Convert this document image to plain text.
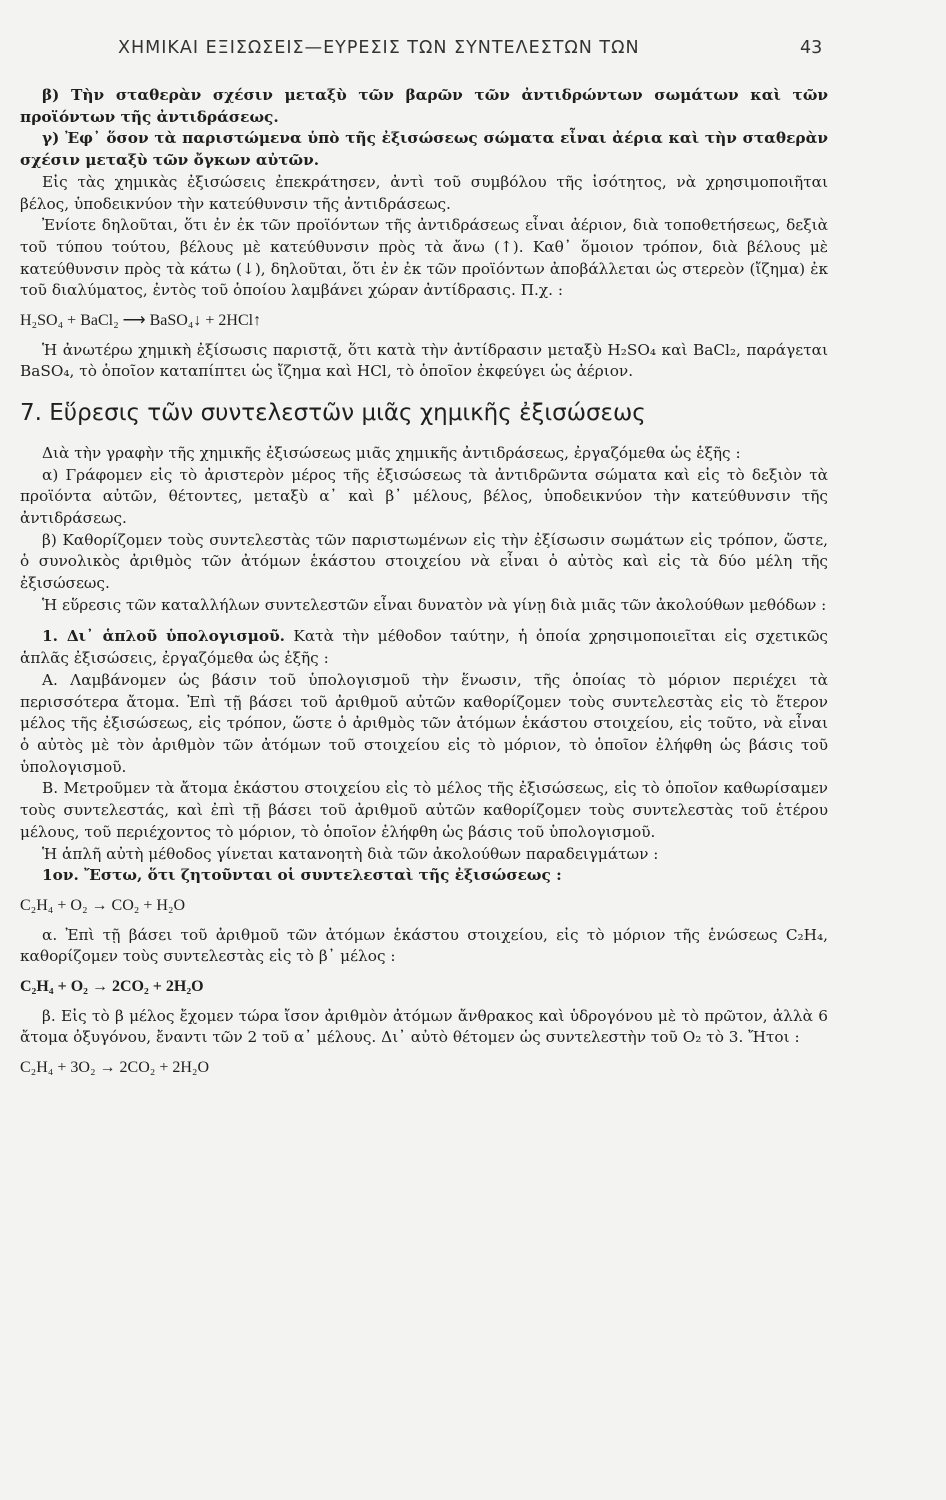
ΧΗΜΙΚΑΙ ΕΞΙΣΩΣΕΙΣ—ΕΥΡΕΣΙΣ ΤΩΝ ΣΥΝΤΕΛΕΣΤΩΝ ΤΩΝ	43

β) Τὴν σταθερὰν σχέσιν μεταξὺ τῶν βαρῶν τῶν ἀντιδρώντων σωμάτων καὶ τῶν προϊόντων τῆς ἀντιδράσεως.

γ) Ἐφ᾿ ὅσον τὰ παριστώμενα ὑπὸ τῆς ἐξισώσεως σώματα εἶναι ἀέρια καὶ τὴν σταθερὰν σχέσιν μεταξὺ τῶν ὄγκων αὐτῶν.

Εἰς τὰς χημικὰς ἐξισώσεις ἐπεκράτησεν, ἀντὶ τοῦ συμβόλου τῆς ἰσότητος, νὰ χρησιμοποιῆται βέλος, ὑποδεικνύον τὴν κατεύθυνσιν τῆς ἀντιδράσεως.

Ἐνίοτε δηλοῦται, ὅτι ἐν ἐκ τῶν προϊόντων τῆς ἀντιδράσεως εἶναι ἀέριον, διὰ τοποθετήσεως, δεξιὰ τοῦ τύπου τούτου, βέλους μὲ κατεύθυνσιν πρὸς τὰ ἄνω (↑). Καθ᾿ ὅμοιον τρόπον, διὰ βέλους μὲ κατεύθυνσιν πρὸς τὰ κάτω (↓), δηλοῦται, ὅτι ἐν ἐκ τῶν προϊόντων ἀποβάλλεται ὡς στερεὸν (ἴζημα) ἐκ τοῦ διαλύματος, ἐντὸς τοῦ ὁποίου λαμβάνει χώραν ἀντίδρασις. Π.χ. :

H₂SO₄ + BaCl₂ ⟶ BaSO₄↓ + 2HCl↑

Ἡ ἀνωτέρω χημικὴ ἐξίσωσις παριστᾷ, ὅτι κατὰ τὴν ἀντίδρασιν μεταξὺ H₂SO₄ καὶ BaCl₂, παράγεται BaSO₄, τὸ ὁποῖον καταπίπτει ὡς ἴζημα καὶ HCl, τὸ ὁποῖον ἐκφεύγει ὡς ἀέριον.

7. Εὕρεσις τῶν συντελεστῶν μιᾶς χημικῆς ἐξισώσεως

Διὰ τὴν γραφὴν τῆς χημικῆς ἐξισώσεως μιᾶς χημικῆς ἀντιδράσεως, ἐργαζόμεθα ὡς ἑξῆς :

α) Γράφομεν εἰς τὸ ἀριστερὸν μέρος τῆς ἐξισώσεως τὰ ἀντιδρῶντα σώματα καὶ εἰς τὸ δεξιὸν τὰ προϊόντα αὐτῶν, θέτοντες, μεταξὺ α᾿ καὶ β᾿ μέλους, βέλος, ὑποδεικνύον τὴν κατεύθυνσιν τῆς ἀντιδράσεως.

β) Καθορίζομεν τοὺς συντελεστὰς τῶν παριστωμένων εἰς τὴν ἐξίσωσιν σωμάτων εἰς τρόπον, ὥστε, ὁ συνολικὸς ἀριθμὸς τῶν ἀτόμων ἑκάστου στοιχείου νὰ εἶναι ὁ αὐτὸς καὶ εἰς τὰ δύο μέλη τῆς ἐξισώσεως.

Ἡ εὕρεσις τῶν καταλλήλων συντελεστῶν εἶναι δυνατὸν νὰ γίνῃ διὰ μιᾶς τῶν ἀκολούθων μεθόδων :

1. Δι᾿ ἁπλοῦ ὑπολογισμοῦ. Κατὰ τὴν μέθοδον ταύτην, ἡ ὁποία χρησιμοποιεῖται εἰς σχετικῶς ἁπλᾶς ἐξισώσεις, ἐργαζόμεθα ὡς ἑξῆς :

Α. Λαμβάνομεν ὡς βάσιν τοῦ ὑπολογισμοῦ τὴν ἕνωσιν, τῆς ὁποίας τὸ μόριον περιέχει τὰ περισσότερα ἄτομα. Ἐπὶ τῇ βάσει τοῦ ἀριθμοῦ αὐτῶν καθορίζομεν τοὺς συντελεστὰς εἰς τὸ ἕτερον μέλος τῆς ἐξισώσεως, εἰς τρόπον, ὥστε ὁ ἀριθμὸς τῶν ἀτόμων ἑκάστου στοιχείου, εἰς τοῦτο, νὰ εἶναι ὁ αὐτὸς μὲ τὸν ἀριθμὸν τῶν ἀτόμων τοῦ στοιχείου εἰς τὸ μόριον, τὸ ὁποῖον ἐλήφθη ὡς βάσις τοῦ ὑπολογισμοῦ.

Β. Μετροῦμεν τὰ ἄτομα ἑκάστου στοιχείου εἰς τὸ μέλος τῆς ἐξισώσεως, εἰς τὸ ὁποῖον καθωρίσαμεν τοὺς συντελεστάς, καὶ ἐπὶ τῇ βάσει τοῦ ἀριθμοῦ αὐτῶν καθορίζομεν τοὺς συντελεστὰς τοῦ ἑτέρου μέλους, τοῦ περιέχοντος τὸ μόριον, τὸ ὁποῖον ἐλήφθη ὡς βάσις τοῦ ὑπολογισμοῦ.

Ἡ ἁπλῆ αὐτὴ μέθοδος γίνεται κατανοητὴ διὰ τῶν ἀκολούθων παραδειγμάτων :

1ον. Ἔστω, ὅτι ζητοῦνται οἱ συντελεσταὶ τῆς ἐξισώσεως :

C₂H₄ + O₂ → CO₂ + H₂O

α. Ἐπὶ τῇ βάσει τοῦ ἀριθμοῦ τῶν ἀτόμων ἑκάστου στοιχείου, εἰς τὸ μόριον τῆς ἑνώσεως C₂H₄, καθορίζομεν τοὺς συντελεστὰς εἰς τὸ β᾿ μέλος :

C₂H₄ + O₂ → 2CO₂ + 2H₂O

β. Εἰς τὸ β μέλος ἔχομεν τώρα ἴσον ἀριθμὸν ἀτόμων ἄνθρακος καὶ ὑδρογόνου μὲ τὸ πρῶτον, ἀλλὰ 6 ἄτομα ὀξυγόνου, ἔναντι τῶν 2 τοῦ α᾿ μέλους. Δι᾿ αὐτὸ θέτομεν ὡς συντελεστὴν τοῦ O₂ τὸ 3. Ἤτοι :

C₂H₄ + 3O₂ → 2CO₂ + 2H₂O
